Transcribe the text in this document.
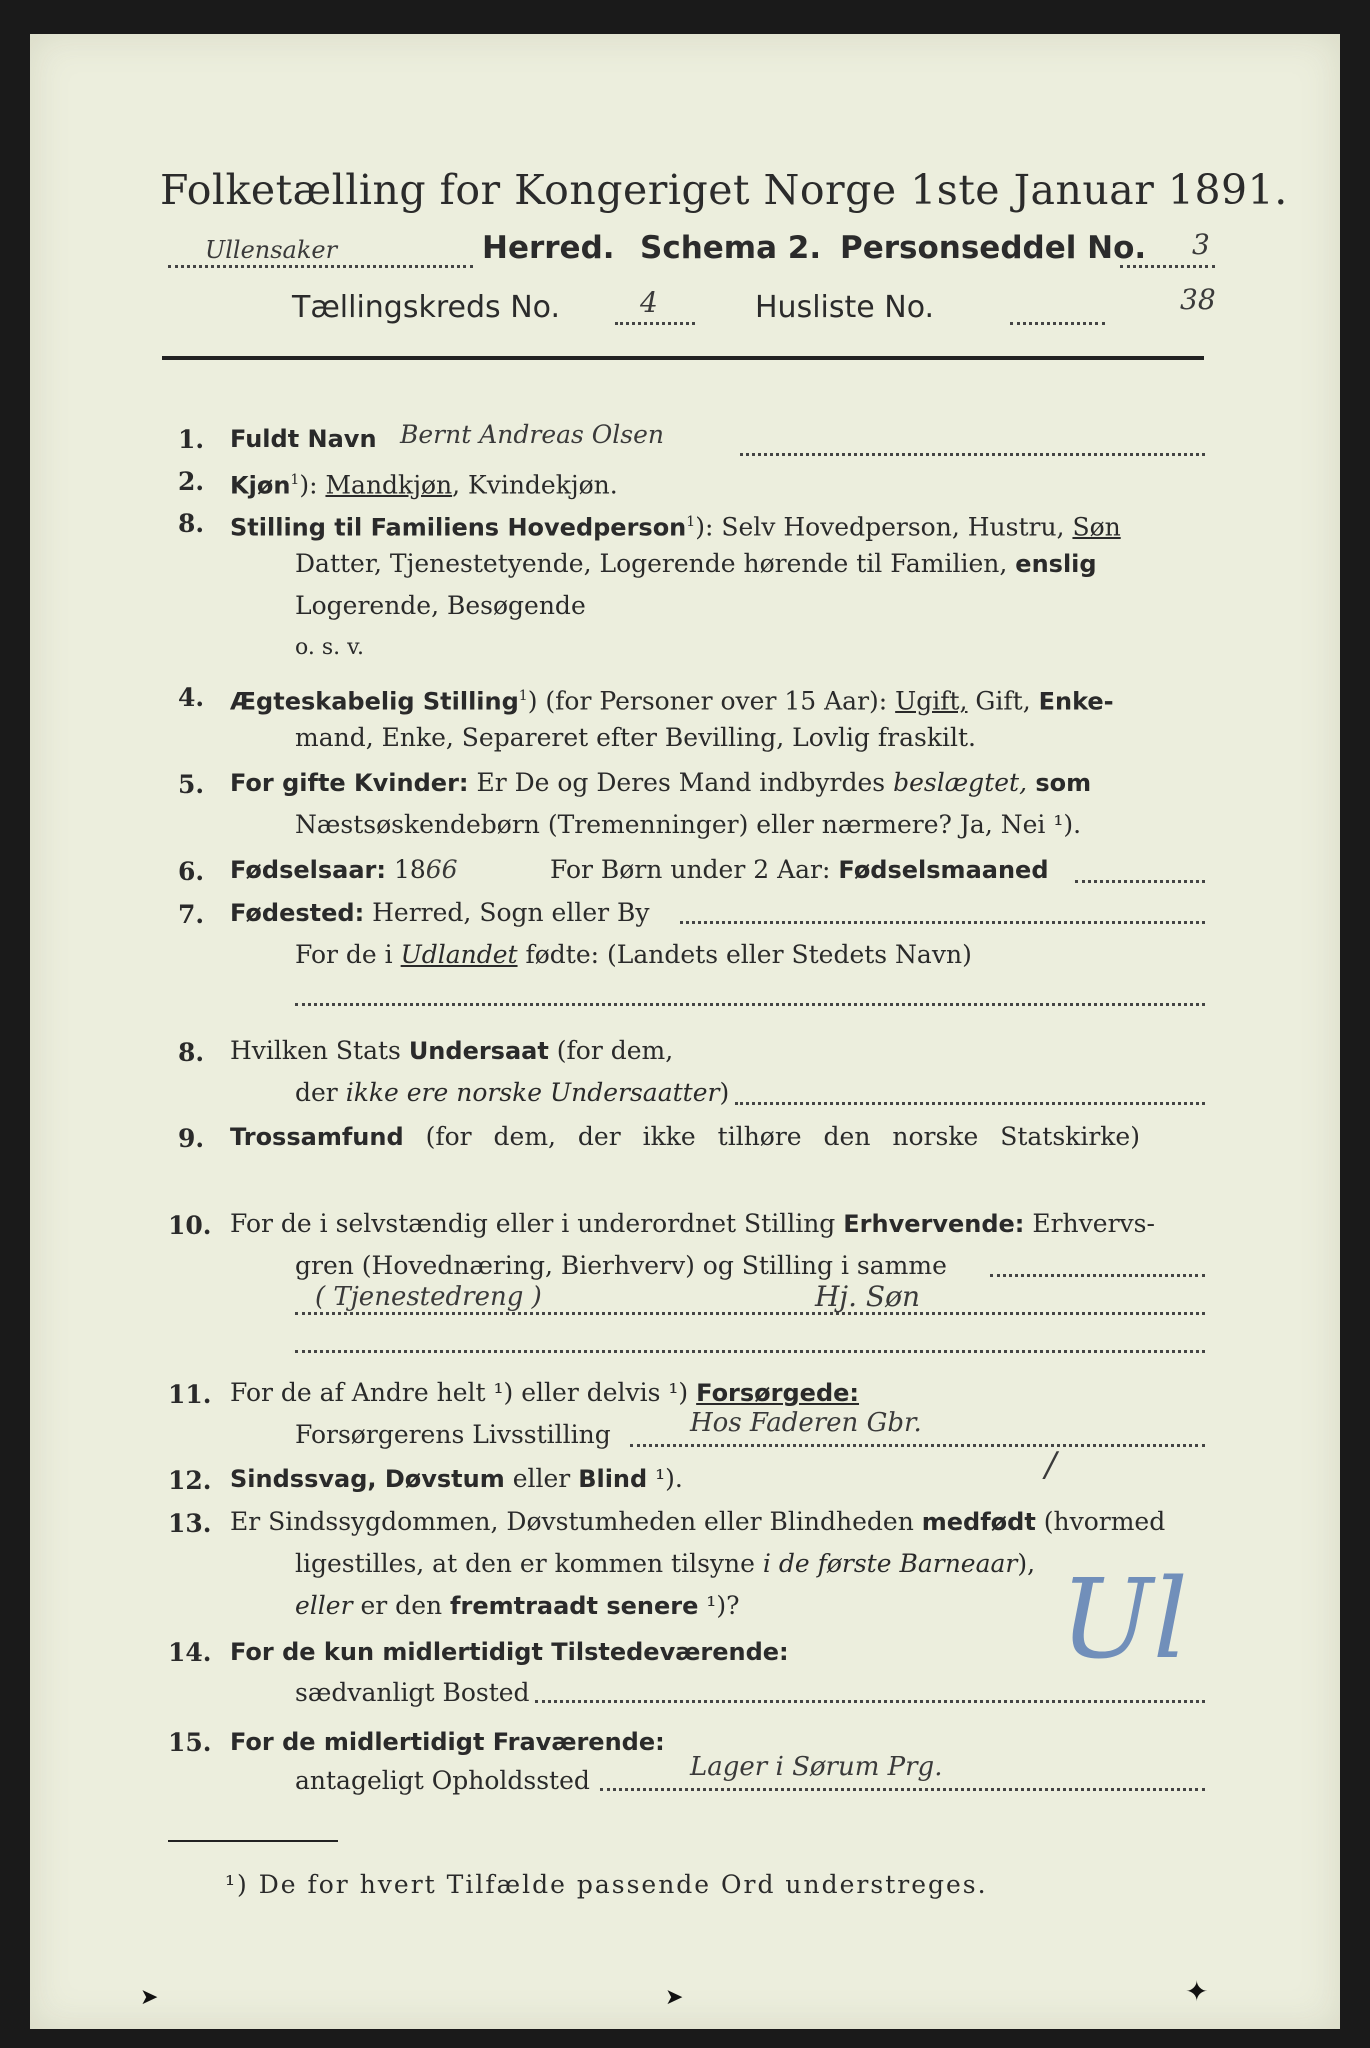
Folketælling for Kongeriget Norge 1ste Januar 1891.
Ullensaker	Herred. Schema 2. Personseddel No. 3
Tællingskreds No.	4	Husliste No.	38
1. Fuldt Navn Bernt Andreas Olsen
2. Kjøn$^1$): Mandkjøn, Kvindekjøn.
8. Stilling til Familiens Hovedperson$^1$): Selv Hovedperson, Hustru, Søn
Datter, Tjenestetyende, Logerende hørende til Familien, enslig
Logerende, Besøgende
o. s. v.
4. Ægteskabelig Stilling$^1$) (for Personer over 15 Aar): Ugift, Gift, Enke-
mand, Enke, Separeret efter Bevilling, Lovlig fraskilt.
5. For gifte Kvinder: Er De og Deres Mand indbyrdes beslægtet, som
Næstsøskendebørn (Tremenninger) eller nærmere? Ja, Nei ¹).
6. Fødselsaar: 1866	For Børn under 2 Aar: Fødselsmaaned
7. Fødested: Herred, Sogn eller By
For de i Udlandet fødte: (Landets eller Stedets Navn)
8. Hvilken Stats Undersaat (for dem,
der ikke ere norske Undersaatter)
9. Trossamfund (for dem, der ikke tilhøre den norske Statskirke)
10. For de i selvstændig eller i underordnet Stilling Erhvervende: Erhvervs-
gren (Hovednæring, Bierhverv) og Stilling i samme
( Tjenestedreng )	Hj. Søn
11. For de af Andre helt ¹) eller delvis ¹) Forsørgede:
Forsørgerens Livsstilling	Hos Faderen Gbr.
12. Sindssvag, Døvstum eller Blind ¹).	/
13. Er Sindssygdommen, Døvstumheden eller Blindheden medfødt (hvormed
ligestilles, at den er kommen tilsyne i de første Barneaar),
eller er den fremtraadt senere ¹)?	Ul
14. For de kun midlertidigt Tilstedeværende:
sædvanligt Bosted
15. For de midlertidigt Fraværende:
antageligt Opholdssted	Lager i Sørum Prg.
¹) De for hvert Tilfælde passende Ord understreges.
➤	➤	✦
